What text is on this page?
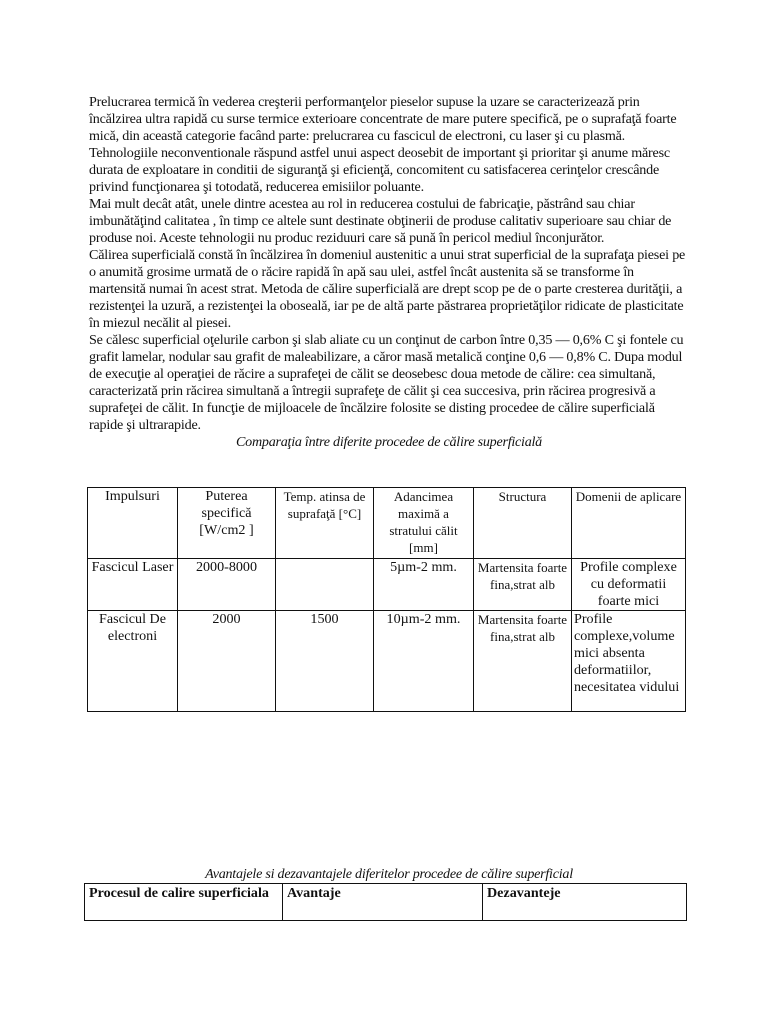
Prelucrarea termică în vederea creşterii performanţelor pieselor supuse la uzare se caracterizează prin încălzirea ultra rapidă cu surse termice exterioare concentrate de mare putere specifică, pe o suprafaţă foarte mică, din această categorie facând parte: prelucrarea cu fascicul de electroni, cu laser şi cu plasmă.

Tehnologiile neconventionale răspund astfel unui aspect deosebit de important şi prioritar şi anume măresc durata de exploatare in conditii de siguranţă şi eficienţă, concomitent cu satisfacerea cerinţelor crescânde privind funcţionarea şi totodată, reducerea emisiilor poluante.

Mai mult decât atât, unele dintre acestea au rol in reducerea costului de fabricaţie, păstrând sau chiar imbunătăţind calitatea , în timp ce altele sunt destinate obţinerii de produse calitativ superioare sau chiar de produse noi. Aceste tehnologii nu produc reziduuri care să pună în pericol mediul înconjurător.

Călirea superficială constă în încălzirea în domeniul austenitic a unui strat superficial de la suprafaţa piesei pe o anumită grosime urmată de o răcire rapidă în apă sau ulei, astfel încât austenita să se transforme în martensită numai în acest strat. Metoda de călire superficială are drept scop pe de o parte cresterea durităţii, a rezistenţei la uzură, a rezistenţei la oboseală, iar pe de altă parte păstrarea proprietăţilor ridicate de plasticitate în miezul necălit al piesei.

Se călesc superficial oţelurile carbon şi slab aliate cu un conţinut de carbon între 0,35 — 0,6% C şi fontele cu grafit lamelar, nodular sau grafit de maleabilizare, a căror masă metalică conţine 0,6 — 0,8% C. Dupa modul de execuţie al operaţiei de răcire a suprafeţei de călit se deosebesc doua metode de călire: cea simultană, caracterizată prin răcirea simultană a întregii suprafeţe de călit şi cea succesiva, prin răcirea progresivă a suprafeţei de călit. In funcţie de mijloacele de încălzire folosite se disting procedee de călire superficială rapide şi ultrarapide.

Comparaţia între diferite procedee de călire superficială

Impulsuri	Puterea specifică [W/cm2 ]	Temp. atinsa de suprafaţă [°C]	Adancimea maximă a stratului călit [mm]	Structura	Domenii de aplicare
Fascicul Laser	2000-8000		5µm-2 mm.	Martensita foarte fina,strat alb	Profile complexe cu deformatii foarte mici
Fascicul De electroni	2000	1500	10µm-2 mm.	Martensita foarte fina,strat alb	Profile complexe,volume mici absenta deformatiilor, necesitatea vidului

Avantajele si dezavantajele diferitelor procedee de călire superficial

Procesul de calire superficiala	Avantaje	Dezavanteje
